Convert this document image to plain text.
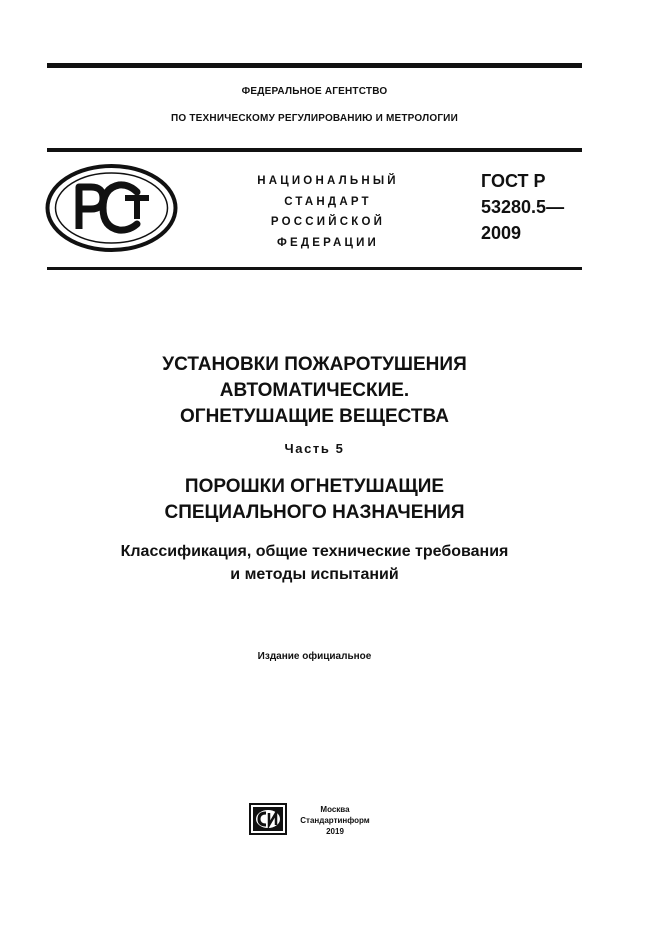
ФЕДЕРАЛЬНОЕ АГЕНТСТВО
ПО ТЕХНИЧЕСКОМУ РЕГУЛИРОВАНИЮ И МЕТРОЛОГИИ
НАЦИОНАЛЬНЫЙ
СТАНДАРТ
РОССИЙСКОЙ
ФЕДЕРАЦИИ
ГОСТ Р
53280.5—
2009
УСТАНОВКИ ПОЖАРОТУШЕНИЯ
АВТОМАТИЧЕСКИЕ.
ОГНЕТУШАЩИЕ ВЕЩЕСТВА
Часть 5
ПОРОШКИ ОГНЕТУШАЩИЕ
СПЕЦИАЛЬНОГО НАЗНАЧЕНИЯ
Классификация, общие технические требования
и методы испытаний
Издание официальное
Москва
Стандартинформ
2019
